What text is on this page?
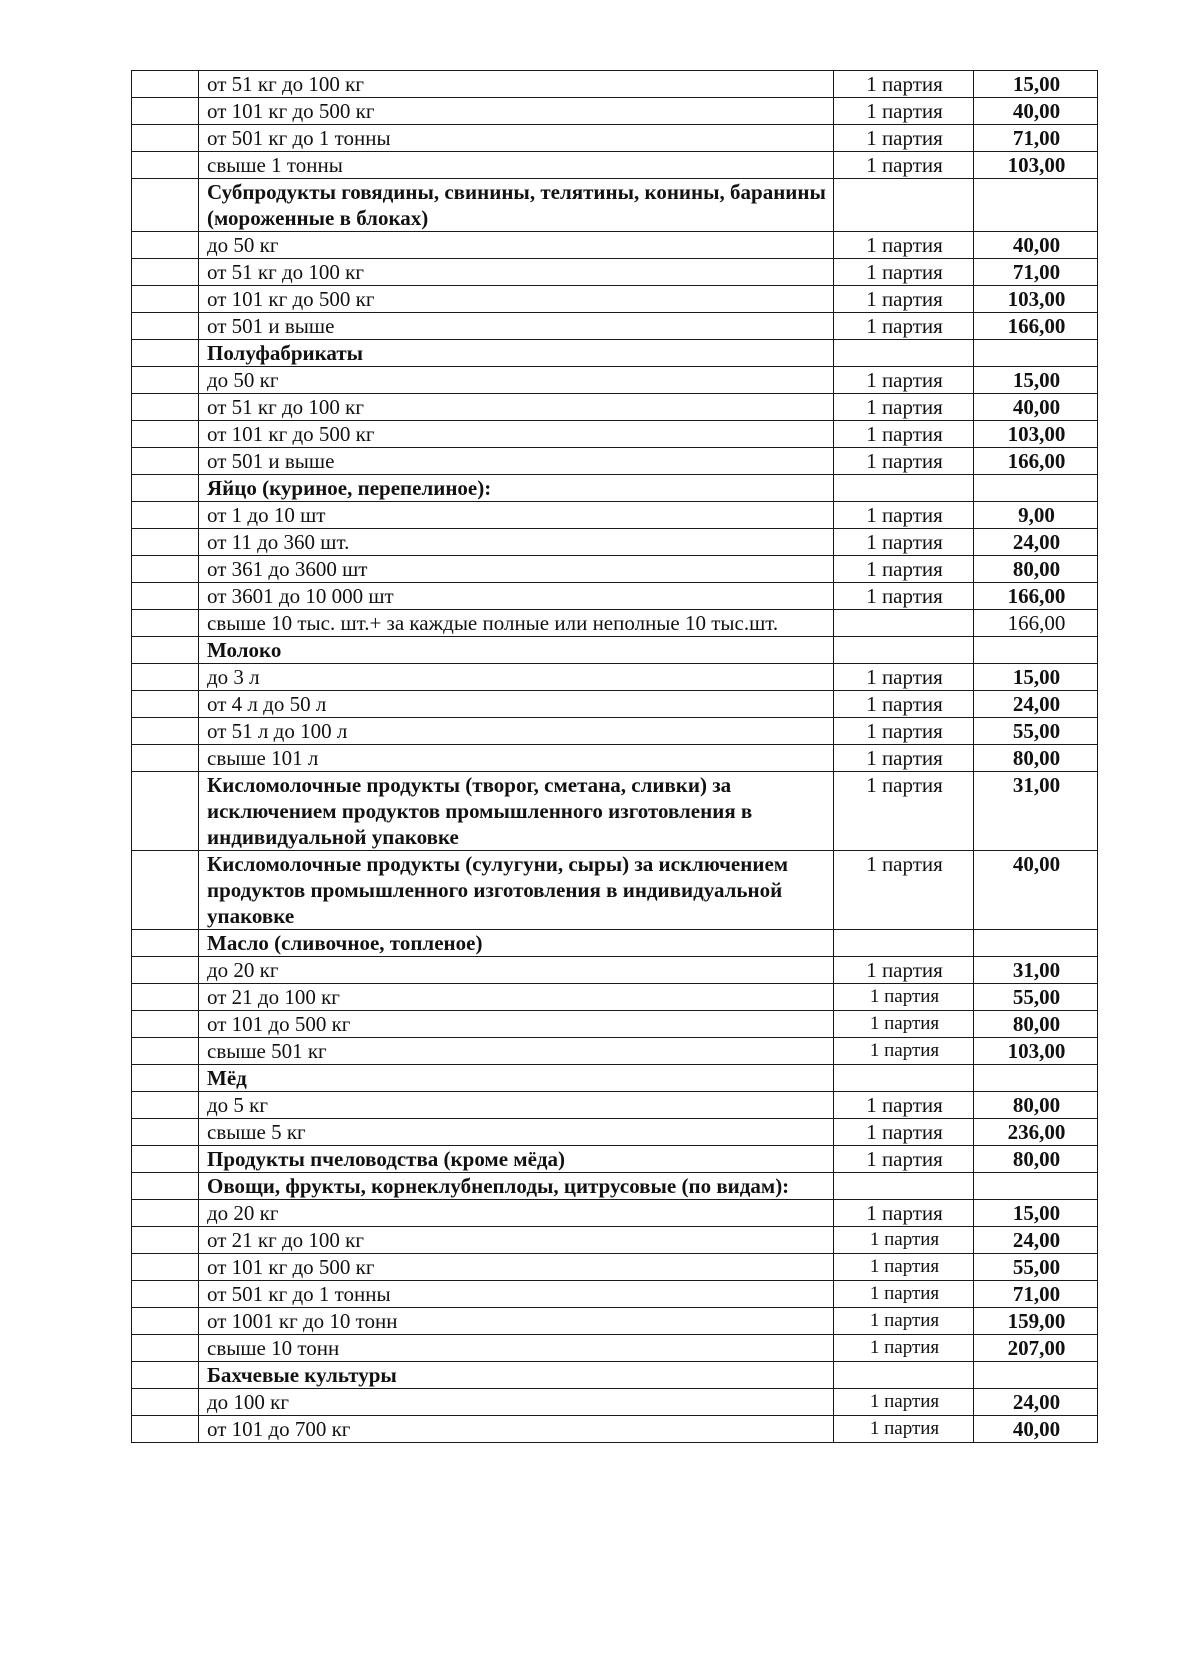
	от 51 кг до 100 кг	1 партия	15,00
	от 101 кг до 500 кг	1 партия	40,00
	от 501 кг до 1 тонны	1 партия	71,00
	свыше 1 тонны	1 партия	103,00
	Субпродукты говядины, свинины, телятины, конины, баранины (мороженные в блоках)		
	до 50 кг	1 партия	40,00
	от 51 кг до 100 кг	1 партия	71,00
	от 101 кг до 500 кг	1 партия	103,00
	от 501 и выше	1 партия	166,00
	Полуфабрикаты		
	до 50 кг	1 партия	15,00
	от 51 кг до 100 кг	1 партия	40,00
	от 101 кг до 500 кг	1 партия	103,00
	от 501 и выше	1 партия	166,00
	Яйцо (куриное, перепелиное):		
	от 1 до 10 шт	1 партия	9,00
	от 11 до 360 шт.	1 партия	24,00
	от 361 до 3600 шт	1 партия	80,00
	от 3601 до 10 000 шт	1 партия	166,00
	свыше 10 тыс. шт.+ за каждые полные или неполные 10 тыс.шт.		166,00
	Молоко		
	до 3 л	1 партия	15,00
	от 4 л до 50 л	1 партия	24,00
	от 51 л до 100 л	1 партия	55,00
	свыше 101 л	1 партия	80,00
	Кисломолочные продукты (творог, сметана, сливки) за исключением продуктов промышленного изготовления в индивидуальной упаковке	1 партия	31,00
	Кисломолочные продукты (сулугуни, сыры) за исключением продуктов промышленного изготовления в индивидуальной упаковке	1 партия	40,00
	Масло (сливочное, топленое)		
	до 20 кг	1 партия	31,00
	от 21 до 100 кг	1 партия	55,00
	от 101 до 500 кг	1 партия	80,00
	свыше 501 кг	1 партия	103,00
	Мёд		
	до 5 кг	1 партия	80,00
	свыше 5 кг	1 партия	236,00
	Продукты пчеловодства (кроме мёда)	1 партия	80,00
	Овощи, фрукты, корнеклубнеплоды, цитрусовые (по видам):		
	до 20 кг	1 партия	15,00
	от 21 кг до 100 кг	1 партия	24,00
	от 101 кг до 500 кг	1 партия	55,00
	от 501 кг до 1 тонны	1 партия	71,00
	от 1001 кг до 10 тонн	1 партия	159,00
	свыше 10 тонн	1 партия	207,00
	Бахчевые культуры		
	до 100 кг	1 партия	24,00
	от 101 до 700 кг	1 партия	40,00
